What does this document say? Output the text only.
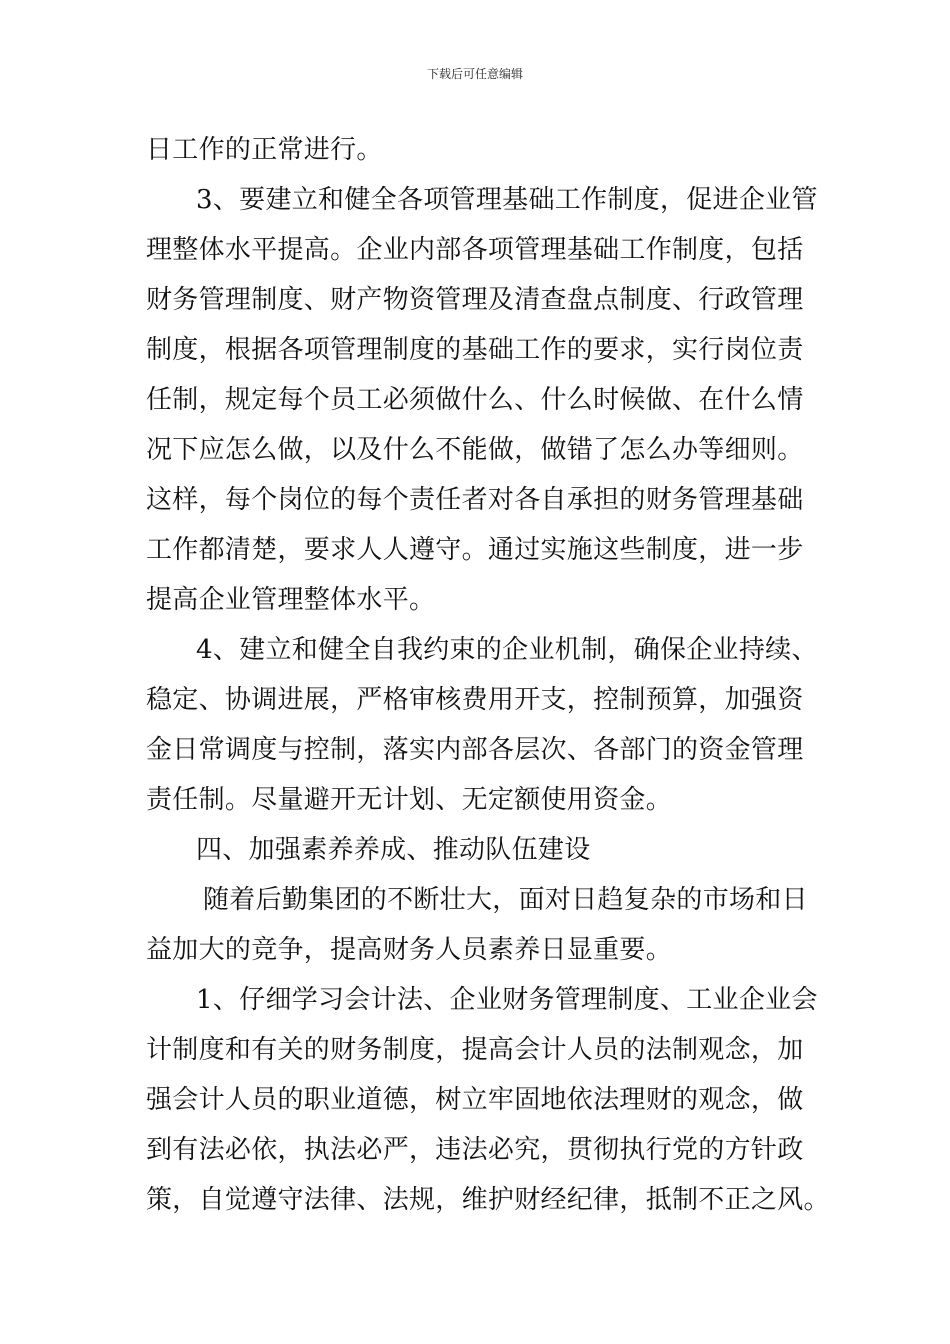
下载后可任意编辑
日工作的正常进行。
3、要建立和健全各项管理基础工作制度，促进企业管
理整体水平提高。企业内部各项管理基础工作制度，包括
财务管理制度、财产物资管理及清查盘点制度、行政管理
制度，根据各项管理制度的基础工作的要求，实行岗位责
任制，规定每个员工必须做什么、什么时候做、在什么情
况下应怎么做，以及什么不能做，做错了怎么办等细则。
这样，每个岗位的每个责任者对各自承担的财务管理基础
工作都清楚，要求人人遵守。通过实施这些制度，进一步
提高企业管理整体水平。
4、建立和健全自我约束的企业机制，确保企业持续、
稳定、协调进展，严格审核费用开支，控制预算，加强资
金日常调度与控制，落实内部各层次、各部门的资金管理
责任制。尽量避开无计划、无定额使用资金。
四、加强素养养成、推动队伍建设
随着后勤集团的不断壮大，面对日趋复杂的市场和日
益加大的竞争，提高财务人员素养日显重要。
1、仔细学习会计法、企业财务管理制度、工业企业会
计制度和有关的财务制度，提高会计人员的法制观念，加
强会计人员的职业道德，树立牢固地依法理财的观念，做
到有法必依，执法必严，违法必究，贯彻执行党的方针政
策，自觉遵守法律、法规，维护财经纪律，抵制不正之风。
